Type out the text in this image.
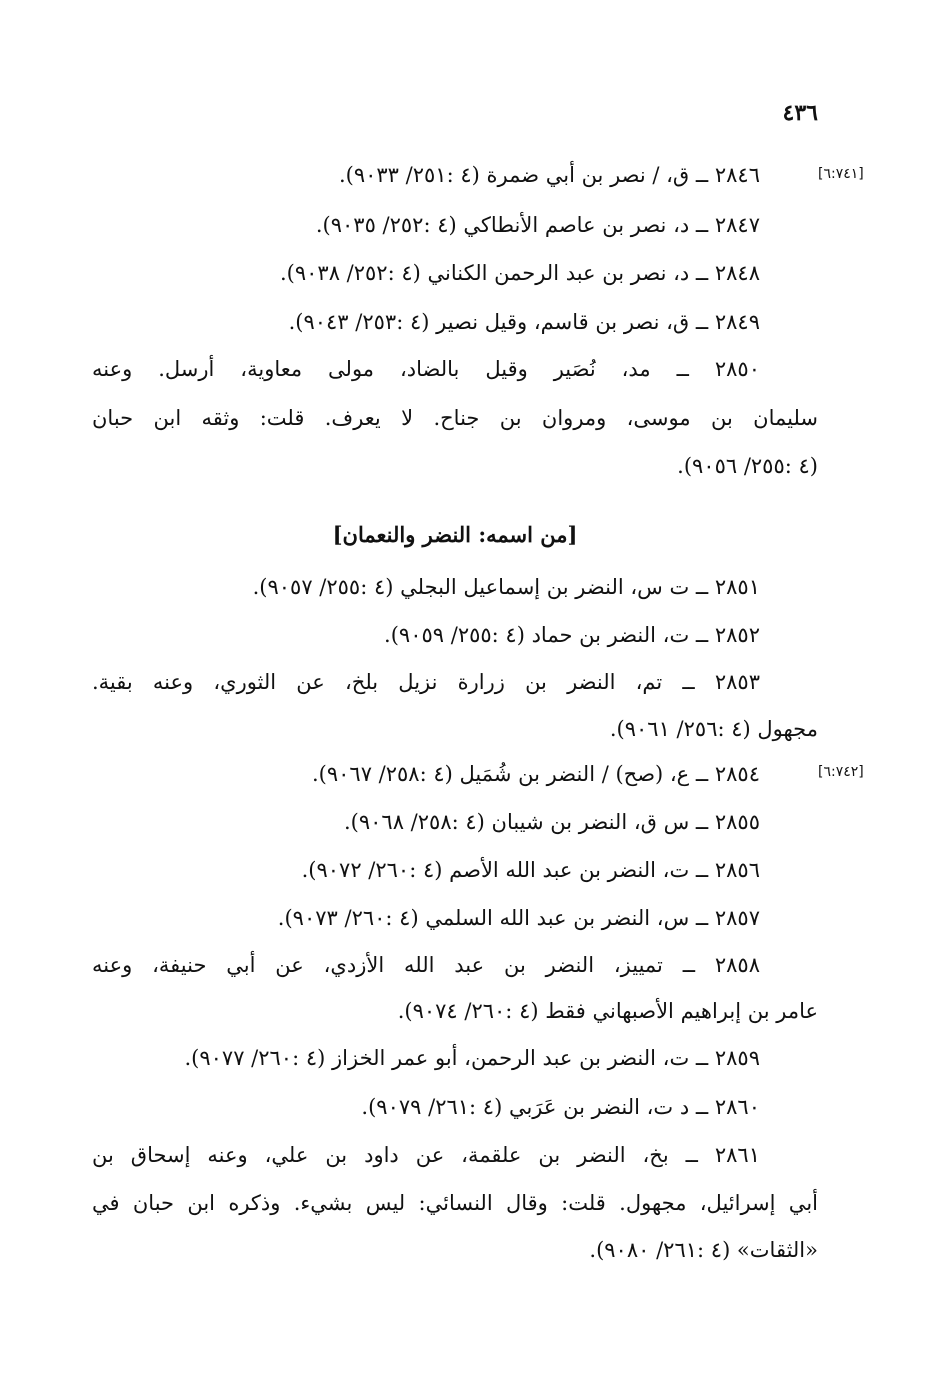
٤٣٦
[٦:٧٤١]
[٦:٧٤٢]
٢٨٤٦ ــ ق، / نصر بن أبي ضمرة (٤ :٢٥١/ ٩٠٣٣).
٢٨٤٧ ــ د، نصر بن عاصم الأنطاكي (٤ :٢٥٢/ ٩٠٣٥).
٢٨٤٨ ــ د، نصر بن عبد الرحمن الكناني (٤ :٢٥٢/ ٩٠٣٨).
٢٨٤٩ ــ ق، نصر بن قاسم، وقيل نصير (٤ :٢٥٣/ ٩٠٤٣).
٢٨٥٠ ــ مد، نُصَير وقيل بالضاد، مولى معاوية، أرسل. وعنه
سليمان بن موسى، ومروان بن جناح. لا يعرف. قلت: وثقه ابن حبان
(٤ :٢٥٥/ ٩٠٥٦).
[من اسمه: النضر والنعمان]
٢٨٥١ ــ ت س، النضر بن إسماعيل البجلي (٤ :٢٥٥/ ٩٠٥٧).
٢٨٥٢ ــ ت، النضر بن حماد (٤ :٢٥٥/ ٩٠٥٩).
٢٨٥٣ ــ تم، النضر بن زرارة نزيل بلخ، عن الثوري، وعنه بقية.
مجهول (٤ :٢٥٦/ ٩٠٦١).
٢٨٥٤ ــ ع، (صح) / النضر بن شُمَيل (٤ :٢٥٨/ ٩٠٦٧).
٢٨٥٥ ــ س ق، النضر بن شيبان (٤ :٢٥٨/ ٩٠٦٨).
٢٨٥٦ ــ ت، النضر بن عبد الله الأصم (٤ :٢٦٠/ ٩٠٧٢).
٢٨٥٧ ــ س، النضر بن عبد الله السلمي (٤ :٢٦٠/ ٩٠٧٣).
٢٨٥٨ ــ تمييز، النضر بن عبد الله الأزدي، عن أبي حنيفة، وعنه
عامر بن إبراهيم الأصبهاني فقط (٤ :٢٦٠/ ٩٠٧٤).
٢٨٥٩ ــ ت، النضر بن عبد الرحمن، أبو عمر الخزاز (٤ :٢٦٠/ ٩٠٧٧).
٢٨٦٠ ــ د ت، النضر بن عَرَبي (٤ :٢٦١/ ٩٠٧٩).
٢٨٦١ ــ بخ، النضر بن علقمة، عن داود بن علي، وعنه إسحاق بن
أبي إسرائيل، مجهول. قلت: وقال النسائي: ليس بشيء. وذكره ابن حبان في
«الثقات» (٤ :٢٦١/ ٩٠٨٠).
